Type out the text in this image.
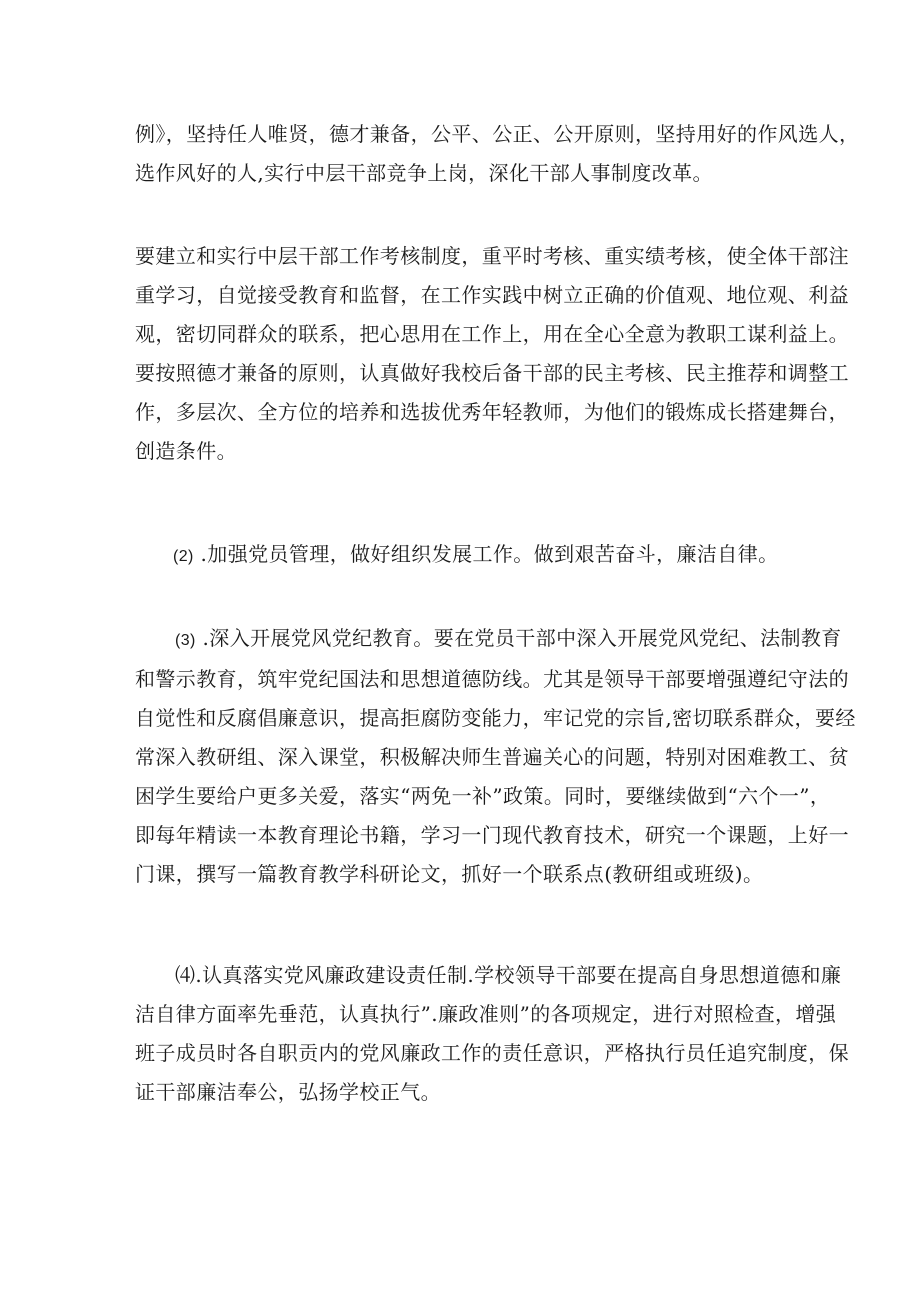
例》，坚持任人唯贤，德才兼备，公平、公正、公开原则，坚持用好的作风选人，
选作风好的人,实行中层干部竞争上岗，深化干部人事制度改革。

要建立和实行中层干部工作考核制度，重平时考核、重实绩考核，使全体干部注
重学习，自觉接受教育和监督，在工作实践中树立正确的价值观、地位观、利益
观，密切同群众的联系，把心思用在工作上，用在全心全意为教职工谋利益上。
要按照德才兼备的原则，认真做好我校后备干部的民主考核、民主推荐和调整工
作，多层次、全方位的培养和选拔优秀年轻教师，为他们的锻炼成长搭建舞台，
创造条件。

(2) .加强党员管理，做好组织发展工作。做到艰苦奋斗，廉洁自律。

(3) .深入开展党风党纪教育。要在党员干部中深入开展党风党纪、法制教育
和警示教育，筑牢党纪国法和思想道德防线。尤其是领导干部要增强遵纪守法的
自觉性和反腐倡廉意识，提高拒腐防变能力，牢记党的宗旨,密切联系群众，要经
常深入教研组、深入课堂，积极解决师生普遍关心的问题，特别对困难教工、贫
困学生要给户更多关爱，落实“两免一补”政策。同时，要继续做到“六个一”，
即每年精读一本教育理论书籍，学习一门现代教育技术，研究一个课题，上好一
门课，撰写一篇教育教学科研论文，抓好一个联系点(教研组或班级)。

⑷.认真落实党风廉政建设责任制.学校领导干部要在提高自身思想道德和廉
洁自律方面率先垂范，认真执行”.廉政准则”的各项规定，进行对照检查，增强
班子成员时各自职贡内的党风廉政工作的责任意识，严格执行员任追究制度，保
证干部廉洁奉公，弘扬学校正气。
